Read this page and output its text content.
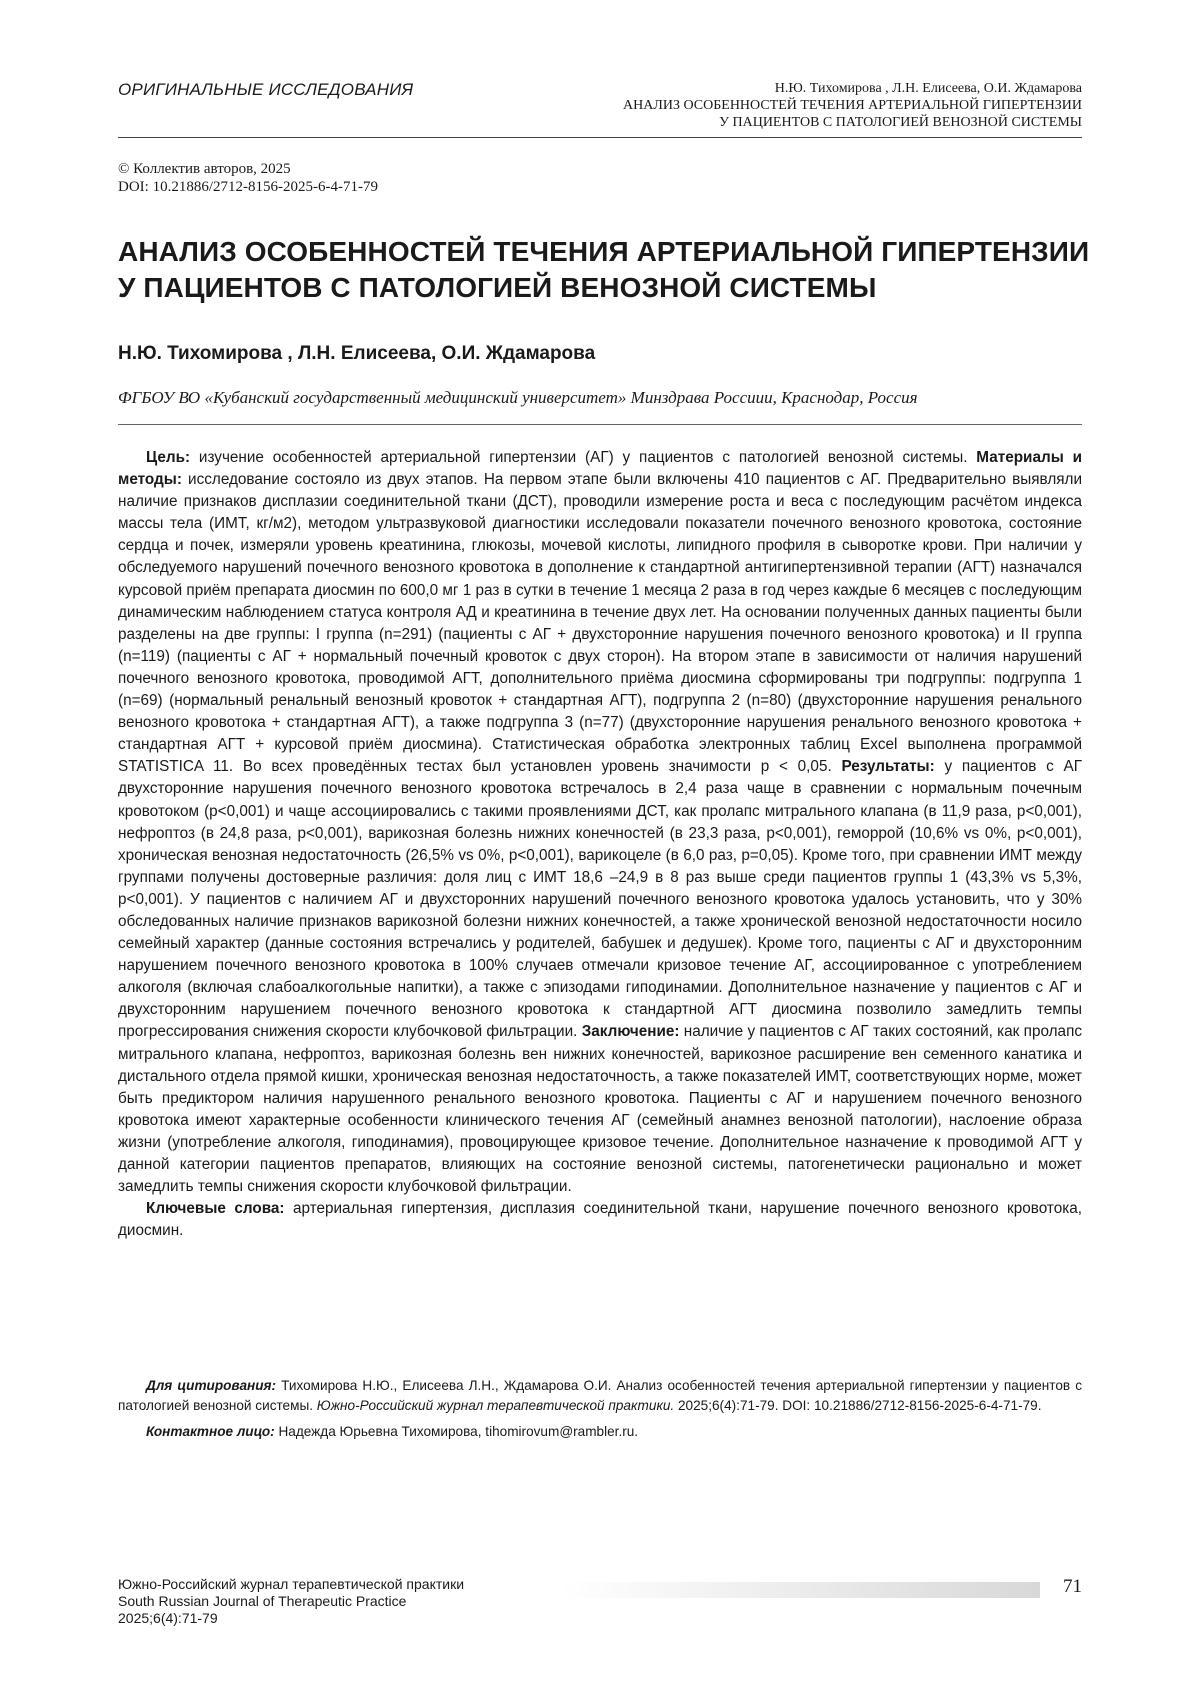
ОРИГИНАЛЬНЫЕ ИССЛЕДОВАНИЯ	Н.Ю. Тихомирова , Л.Н. Елисеева, О.И. Ждамарова
АНАЛИЗ ОСОБЕННОСТЕЙ ТЕЧЕНИЯ АРТЕРИАЛЬНОЙ ГИПЕРТЕНЗИИ
У ПАЦИЕНТОВ С ПАТОЛОГИЕЙ ВЕНОЗНОЙ СИСТЕМЫ
© Коллектив авторов, 2025
DOI: 10.21886/2712-8156-2025-6-4-71-79
АНАЛИЗ ОСОБЕННОСТЕЙ ТЕЧЕНИЯ АРТЕРИАЛЬНОЙ ГИПЕРТЕНЗИИ
У ПАЦИЕНТОВ С ПАТОЛОГИЕЙ ВЕНОЗНОЙ СИСТЕМЫ
Н.Ю. Тихомирова , Л.Н. Елисеева, О.И. Ждамарова
ФГБОУ ВО «Кубанский государственный медицинский университет» Минздрава Россиии, Краснодар, Россия

Цель: изучение особенностей артериальной гипертензии (АГ) у пациентов с патологией венозной системы. Материалы и методы: исследование состояло из двух этапов. На первом этапе были включены 410 пациентов с АГ. Предварительно выявляли наличие признаков дисплазии соединительной ткани (ДСТ), проводили измерение роста и веса с последующим расчётом индекса массы тела (ИМТ, кг/м2), методом ультразвуковой диагностики исследовали показатели почечного венозного кровотока, состояние сердца и почек, измеряли уровень креатинина, глюкозы, мочевой кислоты, липидного профиля в сыворотке крови. При наличии у обследуемого нарушений почечного венозного кровотока в дополнение к стандартной антигипертензивной терапии (АГТ) назначался курсовой приём препарата диосмин по 600,0 мг 1 раз в сутки в течение 1 месяца 2 раза в год через каждые 6 месяцев с последующим динамическим наблюдением статуса контроля АД и креатинина в течение двух лет. На основании полученных данных пациенты были разделены на две группы: I группа (n=291) (пациенты с АГ + двухсторонние нарушения почечного венозного кровотока) и II группа (n=119) (пациенты с АГ + нормальный почечный кровоток с двух сторон). На втором этапе в зависимости от наличия нарушений почечного венозного кровотока, проводимой АГТ, дополнительного приёма диосмина сформированы три подгруппы: подгруппа 1 (n=69) (нормальный ренальный венозный кровоток + стандартная АГТ), подгруппа 2 (n=80) (двухсторонние нарушения ренального венозного кровотока + стандартная АГТ), а также подгруппа 3 (n=77) (двухсторонние нарушения ренального венозного кровотока + стандартная АГТ + курсовой приём диосмина). Статистическая обработка электронных таблиц Excel выполнена программой STATISTICA 11. Во всех проведённых тестах был установлен уровень значимости p < 0,05. Результаты: у пациентов с АГ двухсторонние нарушения почечного венозного кровотока встречалось в 2,4 раза чаще в сравнении с нормальным почечным кровотоком (p<0,001) и чаще ассоциировались с такими проявлениями ДСТ, как пролапс митрального клапана (в 11,9 раза, p<0,001), нефроптоз (в 24,8 раза, p<0,001), варикозная болезнь нижних конечностей (в 23,3 раза, p<0,001), геморрой (10,6% vs 0%, p<0,001), хроническая венозная недостаточность (26,5% vs 0%, p<0,001), варикоцеле (в 6,0 раз, p=0,05). Кроме того, при сравнении ИМТ между группами получены достоверные различия: доля лиц с ИМТ 18,6 –24,9 в 8 раз выше среди пациентов группы 1 (43,3% vs 5,3%, p<0,001). У пациентов с наличием АГ и двухсторонних нарушений почечного венозного кровотока удалось установить, что у 30% обследованных наличие признаков варикозной болезни нижних конечностей, а также хронической венозной недостаточности носило семейный характер (данные состояния встречались у родителей, бабушек и дедушек). Кроме того, пациенты с АГ и двухсторонним нарушением почечного венозного кровотока в 100% случаев отмечали кризовое течение АГ, ассоциированное с употреблением алкоголя (включая слабоалкогольные напитки), а также с эпизодами гиподинамии. Дополнительное назначение у пациентов с АГ и двухсторонним нарушением почечного венозного кровотока к стандартной АГТ диосмина позволило замедлить темпы прогрессирования снижения скорости клубочковой фильтрации. Заключение: наличие у пациентов с АГ таких состояний, как пролапс митрального клапана, нефроптоз, варикозная болезнь вен нижних конечностей, варикозное расширение вен семенного канатика и дистального отдела прямой кишки, хроническая венозная недостаточность, а также показателей ИМТ, соответствующих норме, может быть предиктором наличия нарушенного ренального венозного кровотока. Пациенты с АГ и нарушением почечного венозного кровотока имеют характерные особенности клинического течения АГ (семейный анамнез венозной патологии), наслоение образа жизни (употребление алкоголя, гиподинамия), провоцирующее кризовое течение. Дополнительное назначение к проводимой АГТ у данной категории пациентов препаратов, влияющих на состояние венозной системы, патогенетически рационально и может замедлить темпы снижения скорости клубочковой фильтрации.

Ключевые слова: артериальная гипертензия, дисплазия соединительной ткани, нарушение почечного венозного кровотока, диосмин.

Для цитирования: Тихомирова Н.Ю., Елисеева Л.Н., Ждамарова О.И. Анализ особенностей течения артериальной гипертензии у пациентов с патологией венозной системы. Южно-Российский журнал терапевтической практики. 2025;6(4):71-79. DOI: 10.21886/2712-8156-2025-6-4-71-79.

Контактное лицо: Надежда Юрьевна Тихомирова, tihomirovum@rambler.ru.

Южно-Российский журнал терапевтической практики
South Russian Journal of Therapeutic Practice
2025;6(4):71-79
71
